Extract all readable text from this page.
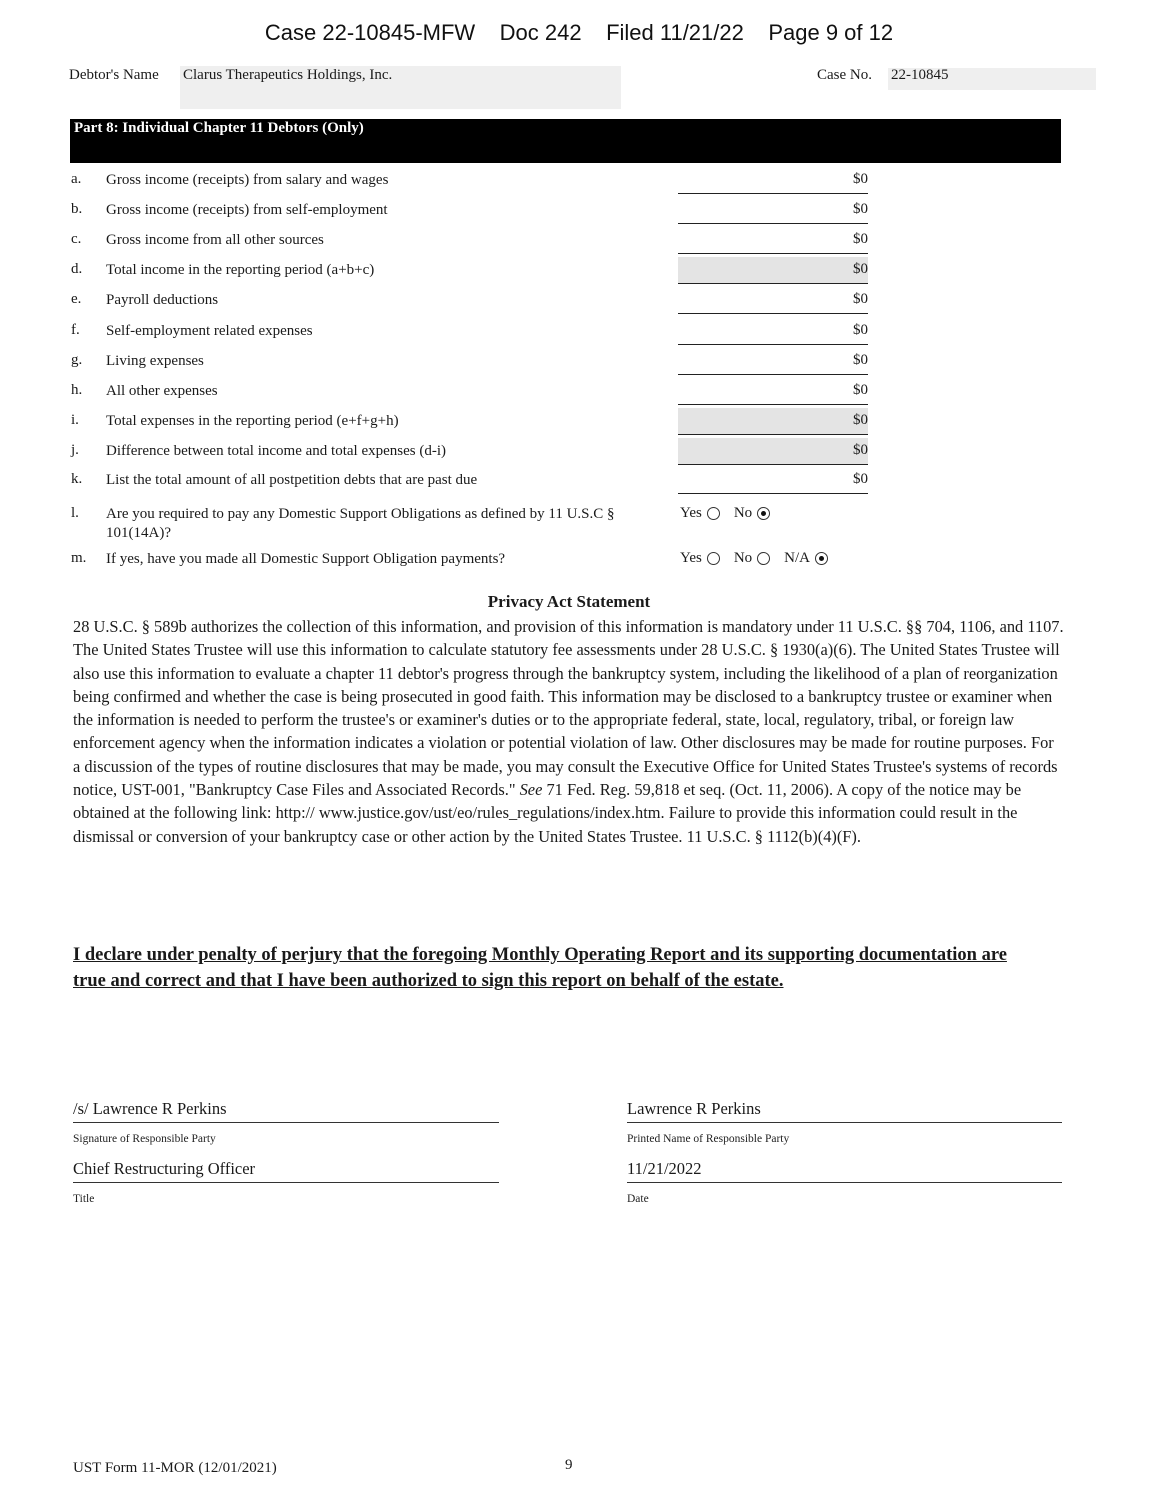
Case 22-10845-MFW Doc 242 Filed 11/21/22 Page 9 of 12
Debtor's Name Clarus Therapeutics Holdings, Inc.	Case No. 22-10845
Part 8: Individual Chapter 11 Debtors (Only)
a. Gross income (receipts) from salary and wages	$0
b. Gross income (receipts) from self-employment	$0
c. Gross income from all other sources	$0
d. Total income in the reporting period (a+b+c)	$0
e. Payroll deductions	$0
f. Self-employment related expenses	$0
g. Living expenses	$0
h. All other expenses	$0
i. Total expenses in the reporting period (e+f+g+h)	$0
j. Difference between total income and total expenses (d-i)	$0
k. List the total amount of all postpetition debts that are past due	$0
l. Are you required to pay any Domestic Support Obligations as defined by 11 U.S.C § 101(14A)?
Yes No
m. If yes, have you made all Domestic Support Obligation payments?	Yes No N/A
Privacy Act Statement
28 U.S.C. § 589b authorizes the collection of this information, and provision of this information is mandatory under 11 U.S.C. §§ 704, 1106, and 1107. The United States Trustee will use this information to calculate statutory fee assessments under 28 U.S.C. § 1930(a)(6). The United States Trustee will also use this information to evaluate a chapter 11 debtor's progress through the bankruptcy system, including the likelihood of a plan of reorganization being confirmed and whether the case is being prosecuted in good faith. This information may be disclosed to a bankruptcy trustee or examiner when the information is needed to perform the trustee's or examiner's duties or to the appropriate federal, state, local, regulatory, tribal, or foreign law enforcement agency when the information indicates a violation or potential violation of law. Other disclosures may be made for routine purposes. For a discussion of the types of routine disclosures that may be made, you may consult the Executive Office for United States Trustee's systems of records notice, UST-001, "Bankruptcy Case Files and Associated Records." See 71 Fed. Reg. 59,818 et seq. (Oct. 11, 2006). A copy of the notice may be obtained at the following link: http:// www.justice.gov/ust/eo/rules_regulations/index.htm. Failure to provide this information could result in the dismissal or conversion of your bankruptcy case or other action by the United States Trustee. 11 U.S.C. § 1112(b)(4)(F).
I declare under penalty of perjury that the foregoing Monthly Operating Report and its supporting documentation are true and correct and that I have been authorized to sign this report on behalf of the estate.
/s/ Lawrence R Perkins
Signature of Responsible Party
Lawrence R Perkins
Printed Name of Responsible Party
Chief Restructuring Officer
Title
11/21/2022
Date
UST Form 11-MOR (12/01/2021)	9
